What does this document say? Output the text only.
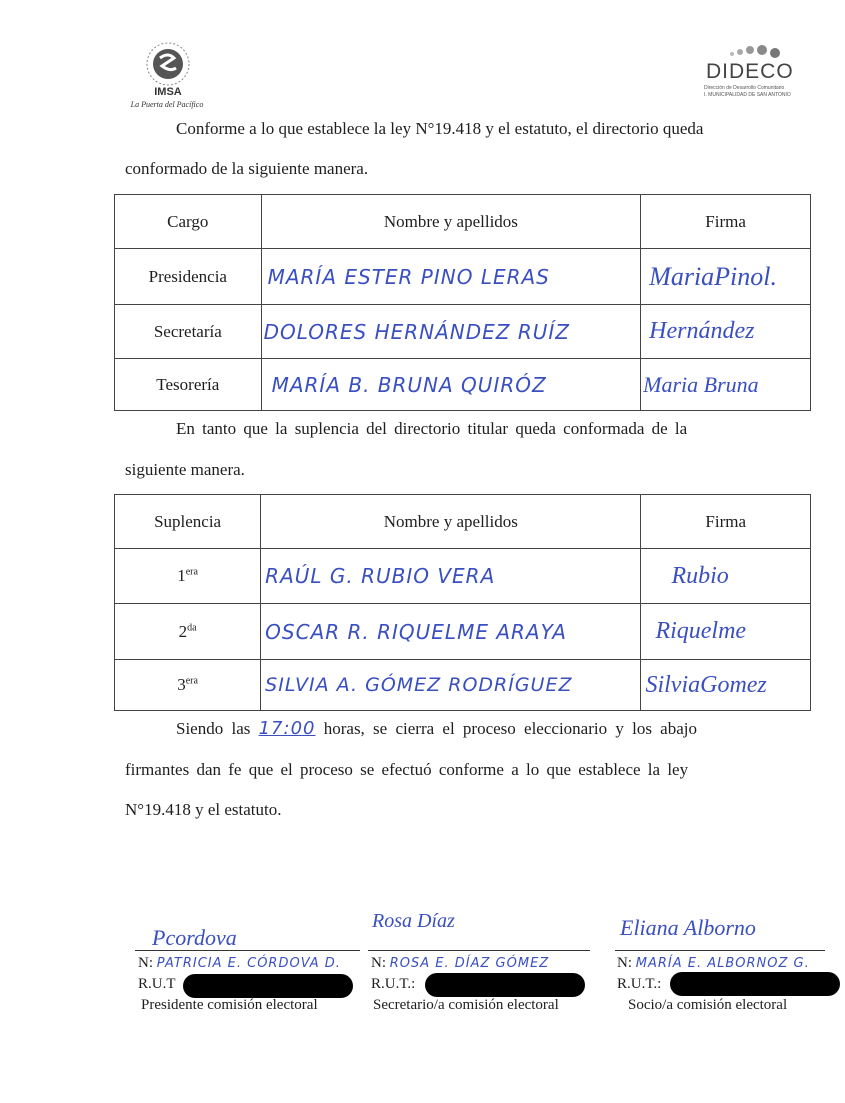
IMSA
La Puerta del Pacífico
DIDECO
Dirección de Desarrollo Comunitario
I. MUNICIPALIDAD DE SAN ANTONIO
Conforme a lo que establece la ley N°19.418 y el estatuto, el directorio queda
conformado de la siguiente manera.
Cargo	Nombre y apellidos	Firma
Presidencia	MARÍA ESTER PINO LERAS	MariaPinol.
Secretaría	DOLORES HERNÁNDEZ RUÍZ	Hernández
Tesorería	MARÍA B. BRUNA QUIRÓZ	Maria Bruna
En tanto que la suplencia del directorio titular queda conformada de la
siguiente manera.
Suplencia	Nombre y apellidos	Firma
$1^{era}$	RAÚL G. RUBIO VERA	Rubio
$2^{da}$	OSCAR R. RIQUELME ARAYA	Riquelme
$3^{era}$	SILVIA A. GÓMEZ RODRÍGUEZ	SilviaGomez
Siendo las 17:00 horas, se cierra el proceso eleccionario y los abajo
firmantes dan fe que el proceso se efectuó conforme a lo que establece la ley
N°19.418 y el estatuto.
Pcordova
N: PATRICIA E. CÓRDOVA D.
R.U.T
Presidente comisión electoral
Rosa Díaz
N: ROSA E. DÍAZ GÓMEZ
R.U.T.:
Secretario/a comisión electoral
Eliana Alborno
N: MARÍA E. ALBORNOZ G.
R.U.T.:
Socio/a comisión electoral
